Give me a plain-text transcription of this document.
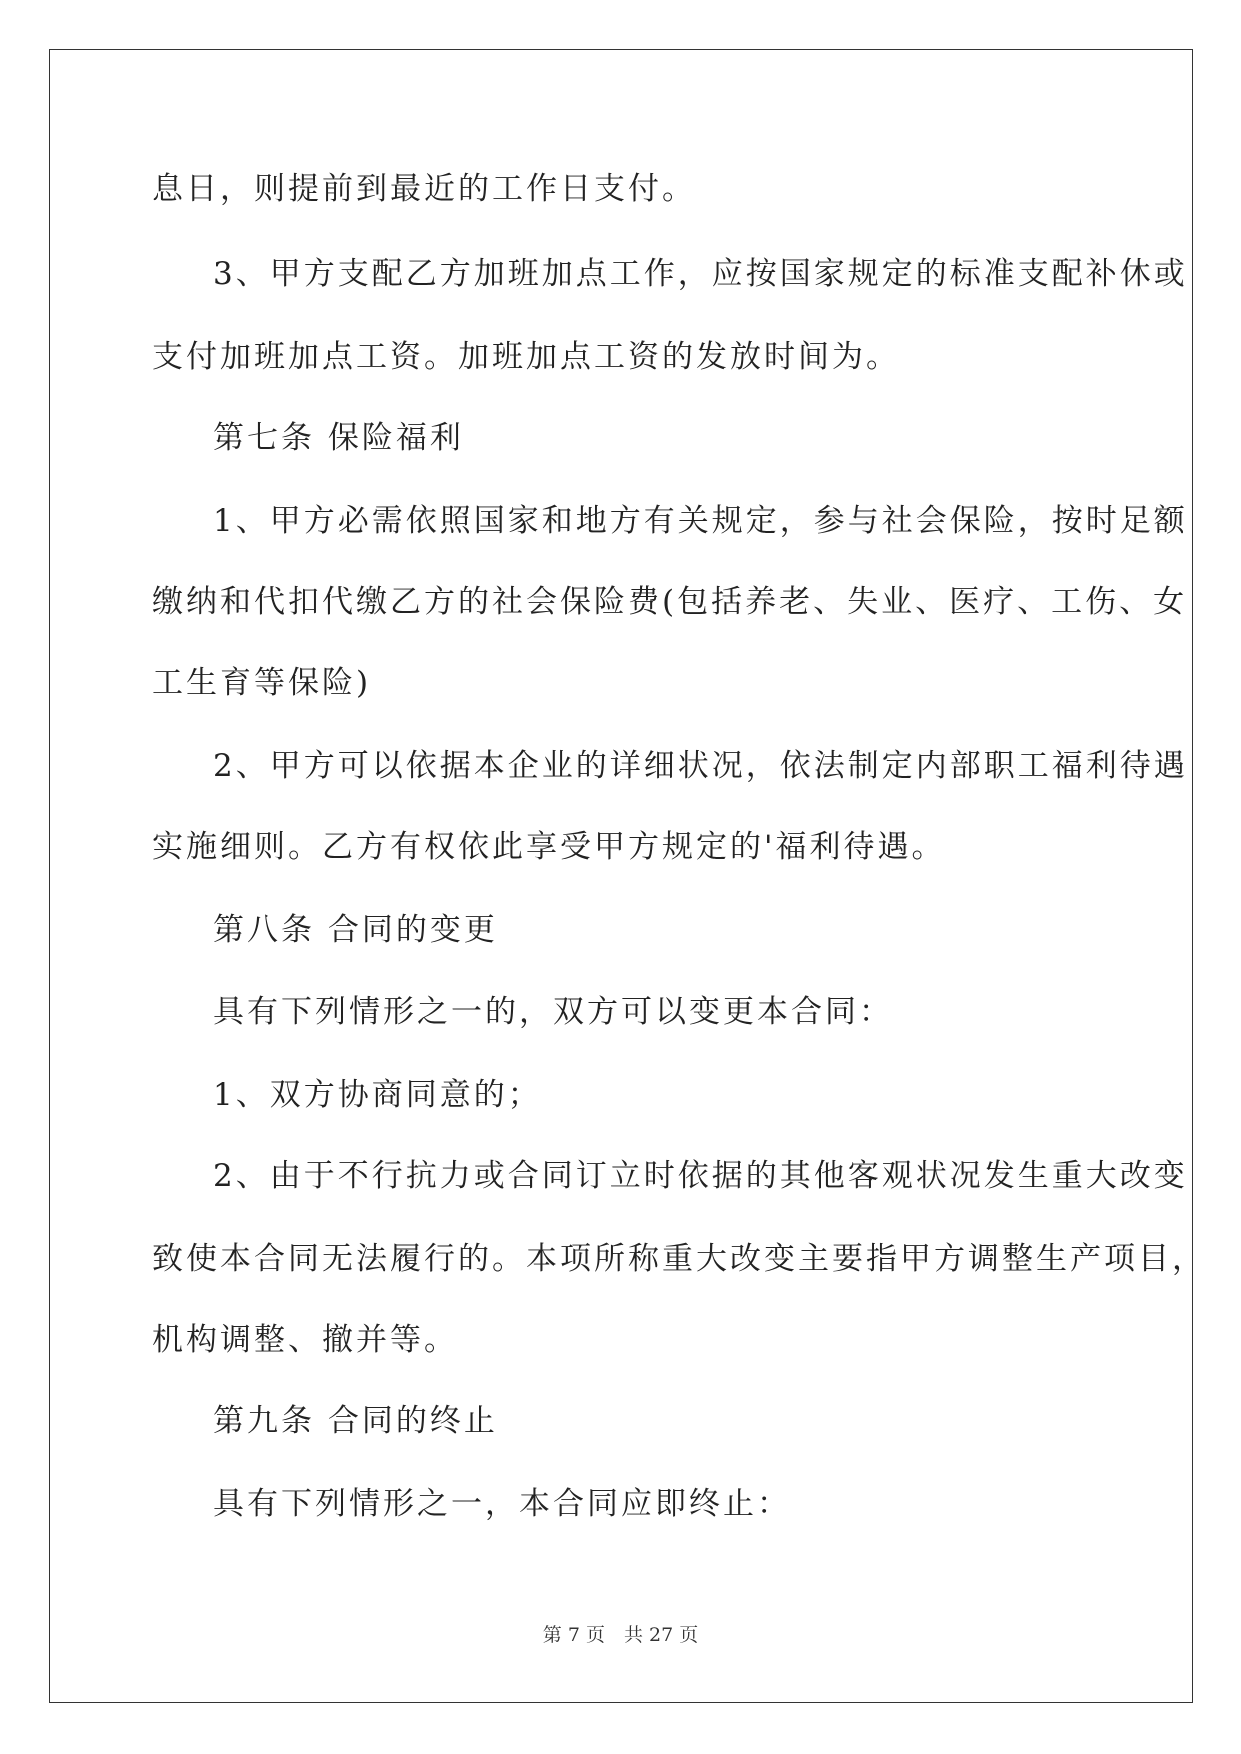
息日，则提前到最近的工作日支付。
3、甲方支配乙方加班加点工作，应按国家规定的标准支配补休或
支付加班加点工资。加班加点工资的发放时间为。
第七条 保险福利
1、甲方必需依照国家和地方有关规定，参与社会保险，按时足额
缴纳和代扣代缴乙方的社会保险费(包括养老、失业、医疗、工伤、女
工生育等保险)
2、甲方可以依据本企业的详细状况，依法制定内部职工福利待遇
实施细则。乙方有权依此享受甲方规定的'福利待遇。
第八条 合同的变更
具有下列情形之一的，双方可以变更本合同：
1、双方协商同意的；
2、由于不行抗力或合同订立时依据的其他客观状况发生重大改变
致使本合同无法履行的。本项所称重大改变主要指甲方调整生产项目，
机构调整、撤并等。
第九条 合同的终止
具有下列情形之一，本合同应即终止：
第 7 页　共 27 页
